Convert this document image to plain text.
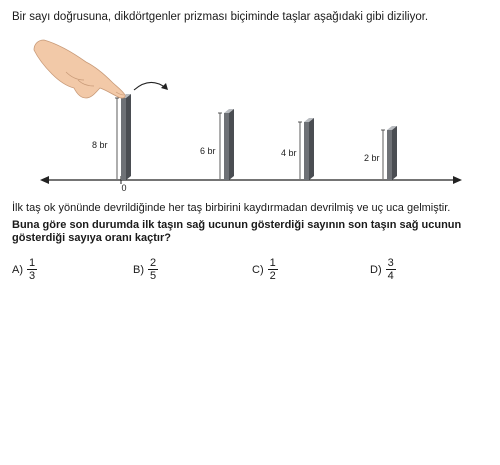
Bir sayı doğrusuna, dikdörtgenler prizması biçiminde taşlar aşağıdaki gibi diziliyor.
0
8 br
6 br	4 br	2 br
İlk taş ok yönünde devrildiğinde her taş birbirini kaydırmadan devrilmiş ve uç uca gelmiştir.
Buna göre son durumda ilk taşın sağ ucunun gösterdiği sayının son taşın sağ ucunun gösterdiği sayıya oranı kaçtır?
$A) \frac{1}{3}$	$B) \frac{2}{5}$	$C) \frac{1}{2}$	$D) \frac{3}{4}$
